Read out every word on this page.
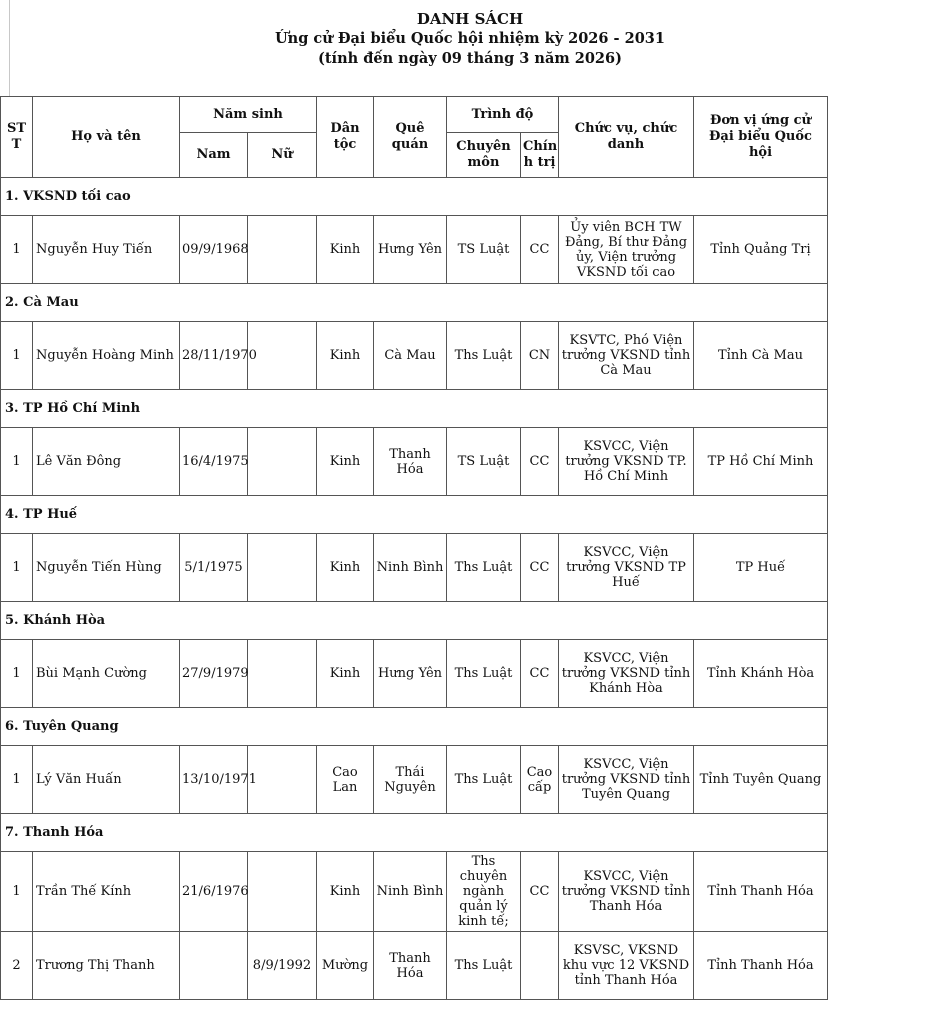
DANH SÁCH
Ứng cử Đại biểu Quốc hội nhiệm kỳ 2026 - 2031
(tính đến ngày 09 tháng 3 năm 2026)
ST T	Họ và tên	Năm sinh		Dân tộc	Quê quán	Trình độ		Chức vụ, chức danh	Đơn vị ứng cử Đại biểu Quốc hội
		Nam	Nữ			Chuyên môn	Chín h trị		
1. VKSND tối cao									
1	Nguyễn Huy Tiến	09/9/1968		Kinh	Hưng Yên	TS Luật	CC	Ủy viên BCH TW Đảng, Bí thư Đảng ủy, Viện trưởng VKSND tối cao	Tỉnh Quảng Trị
2. Cà Mau									
1	Nguyễn Hoàng Minh	28/11/1970		Kinh	Cà Mau	Ths Luật	CN	KSVTC, Phó Viện trưởng VKSND tỉnh Cà Mau	Tỉnh Cà Mau
3. TP Hồ Chí Minh									
1	Lê Văn Đông	16/4/1975		Kinh	Thanh Hóa	TS Luật	CC	KSVCC, Viện trưởng VKSND TP. Hồ Chí Minh	TP Hồ Chí Minh
4. TP Huế									
1	Nguyễn Tiến Hùng	5/1/1975		Kinh	Ninh Bình	Ths Luật	CC	KSVCC, Viện trưởng VKSND TP Huế	TP Huế
5. Khánh Hòa									
1	Bùi Mạnh Cường	27/9/1979		Kinh	Hưng Yên	Ths Luật	CC	KSVCC, Viện trưởng VKSND tỉnh Khánh Hòa	Tỉnh Khánh Hòa
6. Tuyên Quang									
1	Lý Văn Huấn	13/10/1971		Cao Lan	Thái Nguyên	Ths Luật	Cao cấp	KSVCC, Viện trưởng VKSND tỉnh Tuyên Quang	Tỉnh Tuyên Quang
7. Thanh Hóa									
1	Trần Thế Kính	21/6/1976		Kinh	Ninh Bình	Ths chuyên ngành quản lý kinh tế;	CC	KSVCC, Viện trưởng VKSND tỉnh Thanh Hóa	Tỉnh Thanh Hóa
2	Trương Thị Thanh		8/9/1992	Mường	Thanh Hóa	Ths Luật		KSVSC, VKSND khu vực 12 VKSND tỉnh Thanh Hóa	Tỉnh Thanh Hóa
